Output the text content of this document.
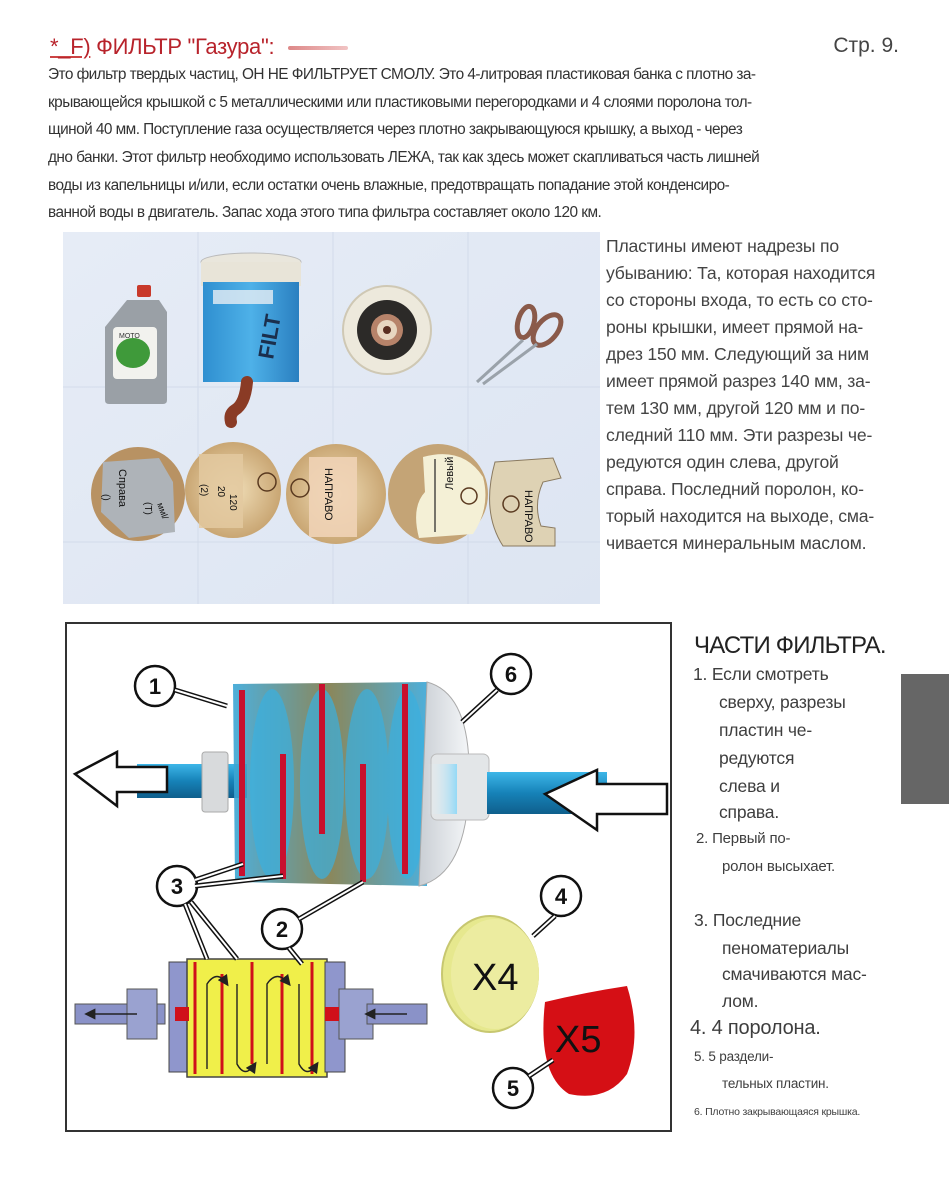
*_F) ФИЛЬТР "Газура":	Стр. 9.
Это фильтр твердых частиц, ОН НЕ ФИЛЬТРУЕТ СМОЛУ. Это 4-литровая пластиковая банка с плотно за-
крывающейся крышкой с 5 металлическими или пластиковыми перегородками и 4 слоями поролона тол-
щиной 40 мм. Поступление газа осуществляется через плотно закрывающуюся крышку, а выход - через
дно банки. Этот фильтр необходимо использовать ЛЕЖА, так как здесь может скапливаться часть лишней
воды из капельницы и/или, если остатки очень влажные, предотвращать попадание этой конденсиро-
ванной воды в двигатель. Запас хода этого типа фильтра составляет около 120 км.
MOTO	FILT
Справа
()
(T) ммl/
(2) 20
120	НАПРАВО	Левый
НАПРАВО
Пластины имеют надрезы по
убыванию: Та, которая находится
со стороны входа, то есть со сто-
роны крышки, имеет прямой на-
дрез 150 мм. Следующий за ним
имеет прямой разрез 140 мм, за-
тем 130 мм, другой 120 мм и по-
следний 110 мм. Эти разрезы че-
редуются один слева, другой
справа. Последний поролон, ко-
торый находится на выходе, сма-
чивается минеральным маслом.
X4
X5
1
2
3	4
5
6
ЧАСТИ ФИЛЬТРА.
1. Если смотреть
сверху, разрезы
пластин че-
редуются
слева и
справа.
2. Первый по-
ролон высыхает.
3. Последние
пеноматериалы
смачиваются мас-
лом.
4. 4 поролона.
5. 5 раздели-
тельных пластин.
6. Плотно закрывающаяся крышка.
